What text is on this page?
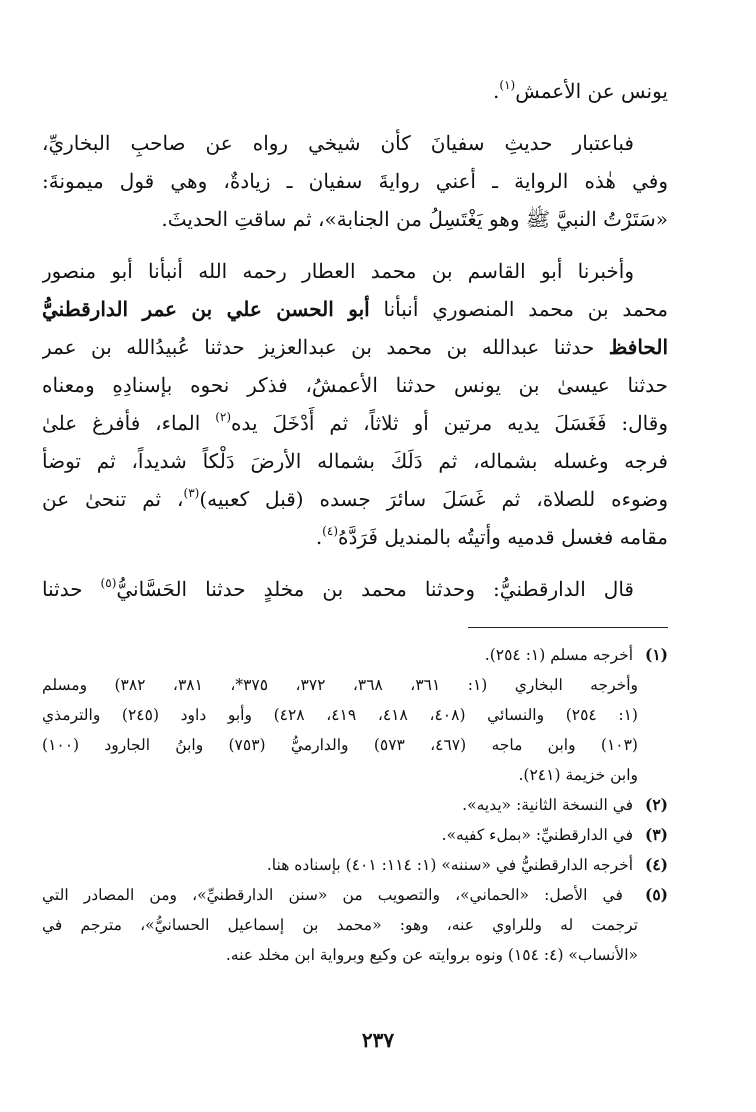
يونس عن الأعمش$^{(١)}$.
فباعتبار حديثِ سفيانَ كأن شيخي رواه عن صاحبِ البخاريِّ،
وفي هٰذه الرواية ـ أعني روايةَ سفيان ـ زيادةٌ، وهي قول ميمونةَ:
«سَتَرْتُ النبيَّ ﷺ وهو يَغْتَسِلُ من الجنابة»، ثم ساقتِ الحديثَ.
وأخبرنا أبو القاسم بن محمد العطار رحمه الله أنبأنا أبو منصور
محمد بن محمد المنصوري أنبأنا أبو الحسن علي بن عمر الدارقطنيُّ
الحافظ حدثنا عبدالله بن محمد بن عبدالعزيز حدثنا عُبيدُالله بن عمر
حدثنا عيسىٰ بن يونس حدثنا الأعمشُ، فذكر نحوه بإسنادِهِ ومعناه
وقال: فَغَسَلَ يديه مرتين أو ثلاثاً، ثم أَدْخَلَ يده$^{(٢)}$ الماء، فأفرغ علىٰ
فرجه وغسله بشماله، ثم دَلَكَ بشماله الأرضَ دَلْكاً شديداً، ثم توضأ
وضوءه للصلاة، ثم غَسَلَ سائرَ جسده (قبل كعبيه)$^{(٣)}$، ثم تنحىٰ عن
مقامه فغسل قدميه وأتيتُه بالمنديل فَرَدَّهُ$^{(٤)}$.
قال الدارقطنيُّ: وحدثنا محمد بن مخلدٍ حدثنا الحَسَّانيُّ$^{(٥)}$ حدثنا
(١) أخرجه مسلم (١: ٢٥٤).
وأخرجه البخاري (١: ٣٦١، ٣٦٨، ٣٧٢، ٣٧٥*، ٣٨١، ٣٨٢) ومسلم
(١: ٢٥٤) والنسائي (٤٠٨، ٤١٨، ٤١٩، ٤٢٨) وأبو داود (٢٤٥) والترمذي
(١٠٣) وابن ماجه (٤٦٧، ٥٧٣) والدارميُّ (٧٥٣) وابنُ الجارود (١٠٠)
وابن خزيمة (٢٤١).
(٢) في النسخة الثانية: «يديه».
(٣) في الدارقطنيِّ: «بملء كفيه».
(٤) أخرجه الدارقطنيُّ في «سننه» (١: ١١٤: ٤٠١) بإسناده هنا.
(٥) في الأصل: «الحماني»، والتصويب من «سنن الدارقطنيِّ»، ومن المصادر التي
ترجمت له وللراوي عنه، وهو: «محمد بن إسماعيل الحسانيُّ»، مترجم في
«الأنساب» (٤: ١٥٤) ونوه بروايته عن وكيع وبرواية ابن مخلد عنه.
٢٣٧
